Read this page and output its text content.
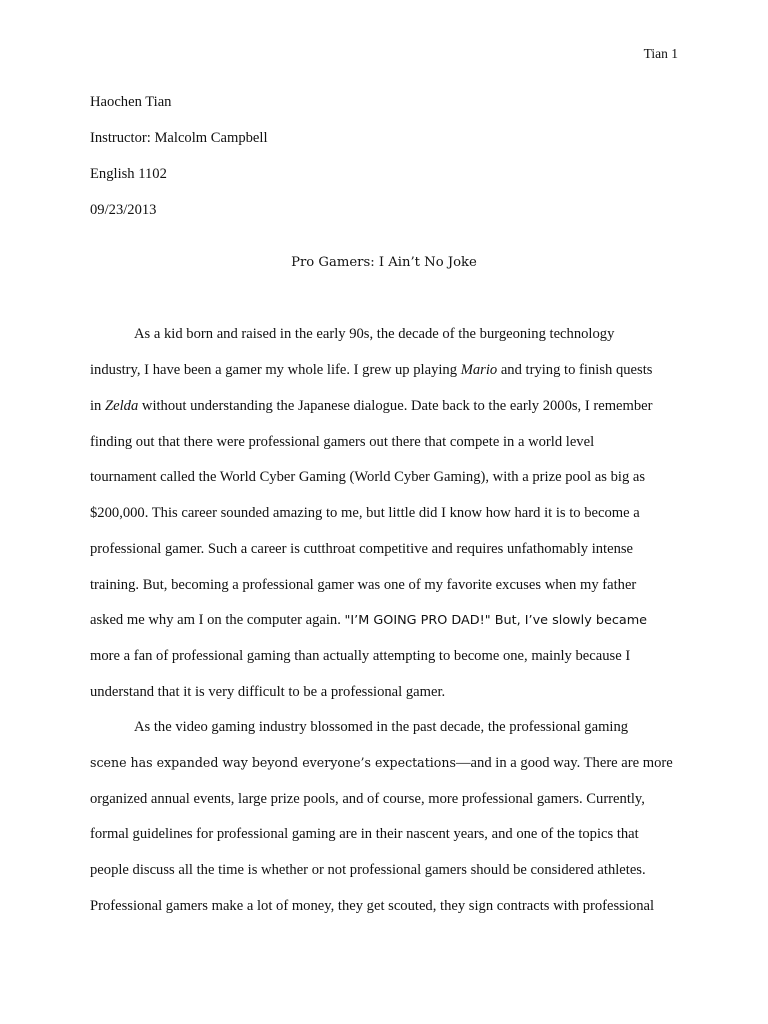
Tian 1
Haochen Tian
Instructor: Malcolm Campbell
English 1102
09/23/2013
Pro Gamers: I Ain’t No Joke
As a kid born and raised in the early 90s, the decade of the burgeoning technology
industry, I have been a gamer my whole life. I grew up playing Mario and trying to finish quests
in Zelda without understanding the Japanese dialogue. Date back to the early 2000s, I remember
finding out that there were professional gamers out there that compete in a world level
tournament called the World Cyber Gaming (World Cyber Gaming), with a prize pool as big as
$200,000. This career sounded amazing to me, but little did I know how hard it is to become a
professional gamer. Such a career is cutthroat competitive and requires unfathomably intense
training. But, becoming a professional gamer was one of my favorite excuses when my father
asked me why am I on the computer again. "I’M GOING PRO DAD!" But, I’ve slowly became
more a fan of professional gaming than actually attempting to become one, mainly because I
understand that it is very difficult to be a professional gamer.
As the video gaming industry blossomed in the past decade, the professional gaming
scene has expanded way beyond everyone’s expectations—and in a good way. There are more
organized annual events, large prize pools, and of course, more professional gamers. Currently,
formal guidelines for professional gaming are in their nascent years, and one of the topics that
people discuss all the time is whether or not professional gamers should be considered athletes.
Professional gamers make a lot of money, they get scouted, they sign contracts with professional
